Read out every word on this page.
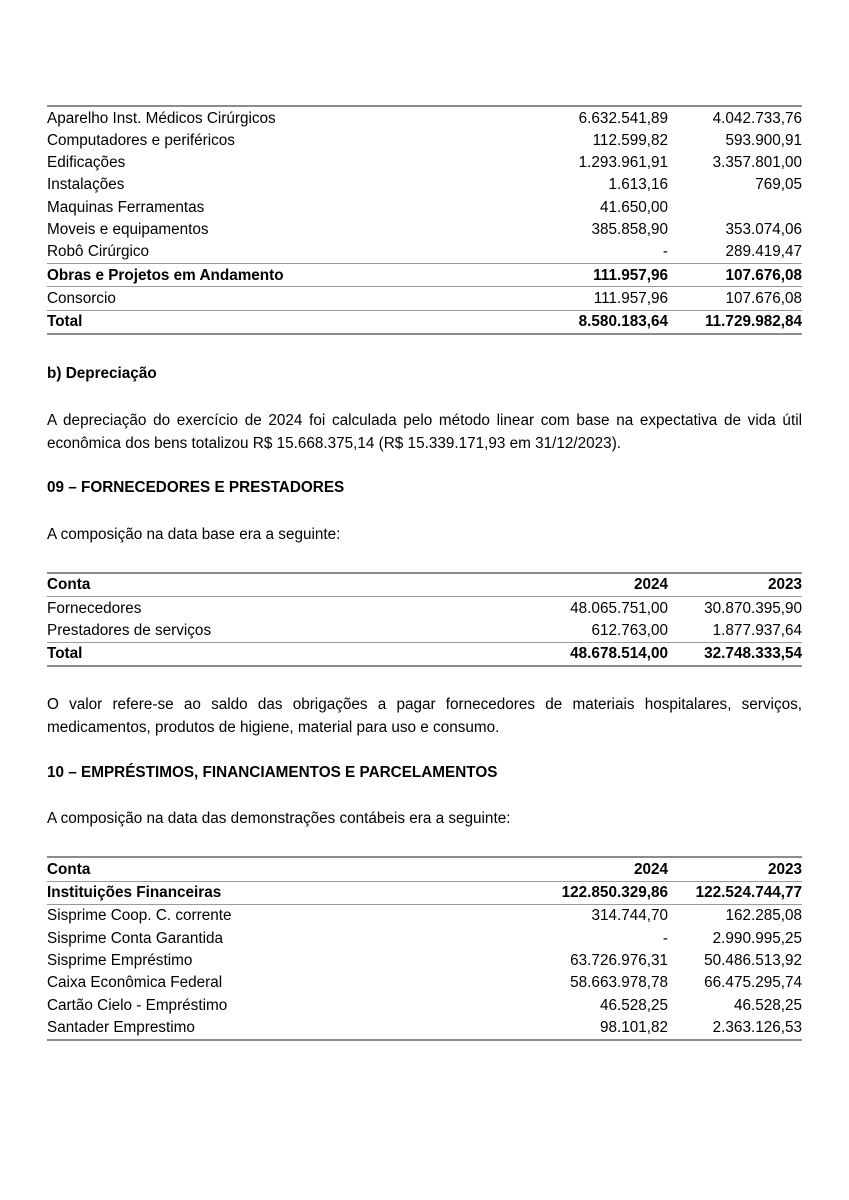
Aparelho Inst. Médicos Cirúrgicos	6.632.541,89	4.042.733,76
Computadores e periféricos	112.599,82	593.900,91
Edificações	1.293.961,91	3.357.801,00
Instalações	1.613,16	769,05
Maquinas Ferramentas	41.650,00	
Moveis e equipamentos	385.858,90	353.074,06
Robô Cirúrgico	-	289.419,47
Obras e Projetos em Andamento	111.957,96	107.676,08
Consorcio	111.957,96	107.676,08
Total	8.580.183,64	11.729.982,84
b) Depreciação

A depreciação do exercício de 2024 foi calculada pelo método linear com base na expectativa de vida útil econômica dos bens totalizou R$ 15.668.375,14 (R$ 15.339.171,93 em 31/12/2023).

09 – FORNECEDORES E PRESTADORES

A composição na data base era a seguinte:

Conta	2024	2023
Fornecedores	48.065.751,00	30.870.395,90
Prestadores de serviços	612.763,00	1.877.937,64
Total	48.678.514,00	32.748.333,54

O valor refere-se ao saldo das obrigações a pagar fornecedores de materiais hospitalares, serviços, medicamentos, produtos de higiene, material para uso e consumo.

10 – EMPRÉSTIMOS, FINANCIAMENTOS E PARCELAMENTOS

A composição na data das demonstrações contábeis era a seguinte:

Conta	2024	2023
Instituições Financeiras	122.850.329,86	122.524.744,77
Sisprime Coop. C. corrente	314.744,70	162.285,08
Sisprime Conta Garantida	-	2.990.995,25
Sisprime Empréstimo	63.726.976,31	50.486.513,92
Caixa Econômica Federal	58.663.978,78	66.475.295,74
Cartão Cielo - Empréstimo	46.528,25	46.528,25
Santader Emprestimo	98.101,82	2.363.126,53
